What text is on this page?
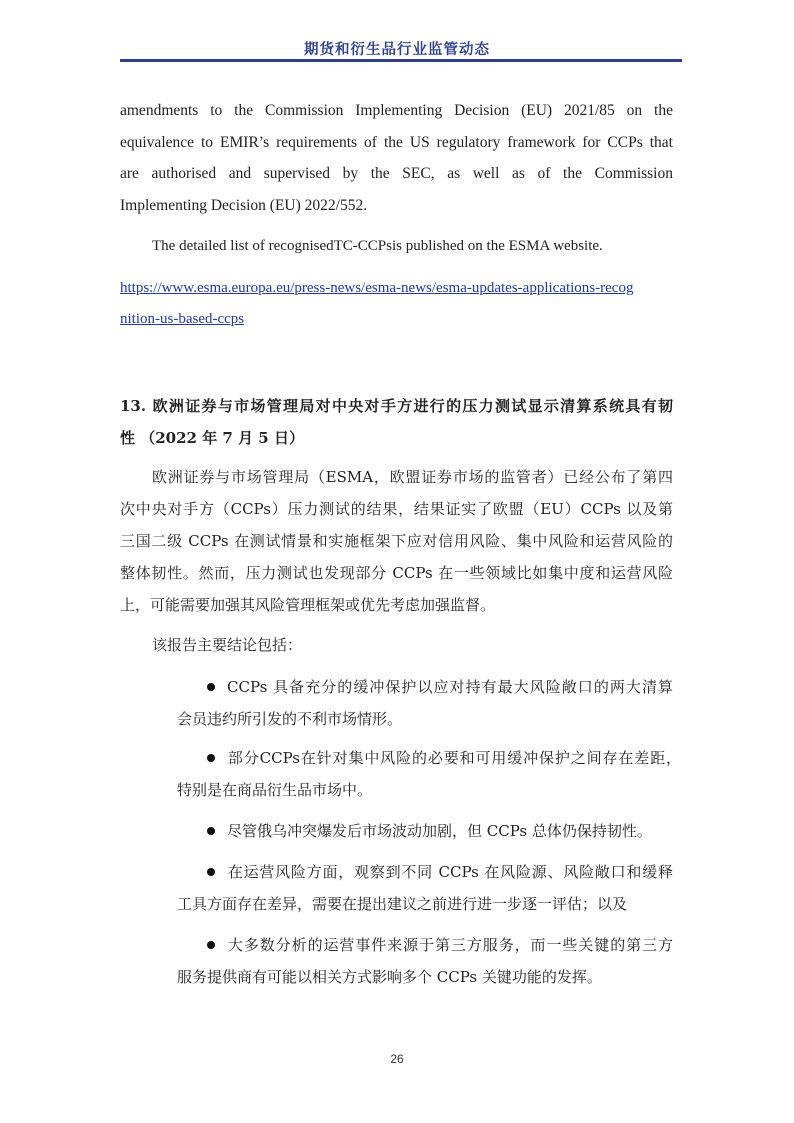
期货和衍生品行业监管动态
amendments to the Commission Implementing Decision (EU) 2021/85 on the
equivalence to EMIR’s requirements of the US regulatory framework for CCPs that
are authorised and supervised by the SEC, as well as of the Commission
Implementing Decision (EU) 2022/552.
The detailed list of recognisedTC-CCPsis published on the ESMA website.
https://www.esma.europa.eu/press-news/esma-news/esma-updates-applications-recog
nition-us-based-ccps
13. 欧洲证券与市场管理局对中央对手方进行的压力测试显示清算系统具有韧
性 （2022 年 7 月 5 日）
欧洲证券与市场管理局（ESMA，欧盟证券市场的监管者）已经公布了第四
次中央对手方（CCPs）压力测试的结果，结果证实了欧盟（EU）CCPs 以及第
三国二级 CCPs 在测试情景和实施框架下应对信用风险、集中风险和运营风险的
整体韧性。然而，压力测试也发现部分 CCPs 在一些领域比如集中度和运营风险
上，可能需要加强其风险管理框架或优先考虑加强监督。
该报告主要结论包括：
CCPs 具备充分的缓冲保护以应对持有最大风险敞口的两大清算
会员违约所引发的不利市场情形。
部分CCPs在针对集中风险的必要和可用缓冲保护之间存在差距，
特别是在商品衍生品市场中。
尽管俄乌冲突爆发后市场波动加剧，但 CCPs 总体仍保持韧性。
在运营风险方面，观察到不同 CCPs 在风险源、风险敞口和缓释
工具方面存在差异，需要在提出建议之前进行进一步逐一评估；以及
大多数分析的运营事件来源于第三方服务，而一些关键的第三方
服务提供商有可能以相关方式影响多个 CCPs 关键功能的发挥。
26
